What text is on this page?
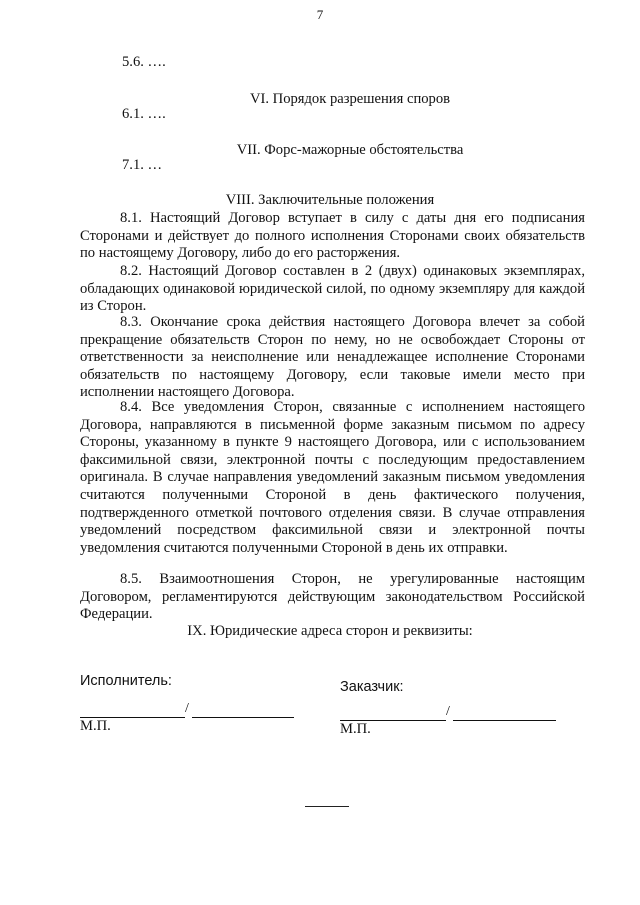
7
5.6. ….
VI. Порядок разрешения споров
6.1. ….
VII. Форс-мажорные обстоятельства
7.1. …
VIII. Заключительные положения
8.1. Настоящий Договор вступает в силу с даты дня его подписания Сторонами и действует до полного исполнения Сторонами своих обязательств по настоящему Договору, либо до его расторжения.
8.2. Настоящий Договор составлен в 2 (двух) одинаковых экземплярах, обладающих одинаковой юридической силой, по одному экземпляру для каждой из Сторон.
8.3. Окончание срока действия настоящего Договора влечет за собой прекращение обязательств Сторон по нему, но не освобождает Стороны от ответственности за неисполнение или ненадлежащее исполнение Сторонами обязательств по настоящему Договору, если таковые имели место при исполнении настоящего Договора.
8.4. Все уведомления Сторон, связанные с исполнением настоящего Договора, направляются в письменной форме заказным письмом по адресу Стороны, указанному в пункте 9 настоящего Договора, или с использованием факсимильной связи, электронной почты с последующим предоставлением оригинала. В случае направления уведомлений заказным письмом уведомления считаются полученными Стороной в день фактического получения, подтвержденного отметкой почтового отделения связи. В случае отправления уведомлений посредством факсимильной связи и электронной почты уведомления считаются полученными Стороной в день их отправки.
8.5. Взаимоотношения Сторон, не урегулированные настоящим Договором, регламентируются действующим законодательством Российской Федерации.
IX. Юридические адреса сторон и реквизиты:
Исполнитель:	Заказчик:
/	/
М.П.	М.П.
